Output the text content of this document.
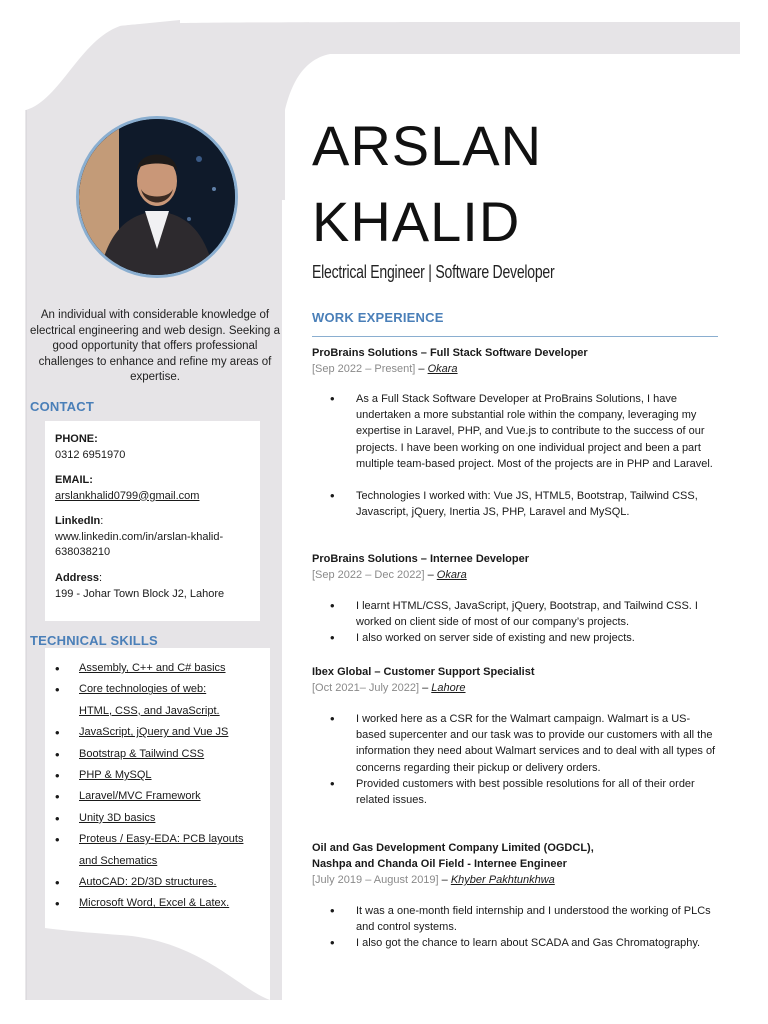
An individual with considerable knowledge of electrical engineering and web design. Seeking a good opportunity that offers professional challenges to enhance and refine my areas of expertise.
CONTACT
PHONE:
0312 6951970
EMAIL:
arslankhalid0799@gmail.com
LinkedIn:
www.linkedin.com/in/arslan-khalid-
638038210
Address:
199 - Johar Town Block J2, Lahore
TECHNICAL SKILLS
• Assembly, C++ and C# basics
• Core technologies of web:
HTML, CSS, and JavaScript.
• JavaScript, jQuery and Vue JS
• Bootstrap & Tailwind CSS
• PHP & MySQL
• Laravel/MVC Framework
• Unity 3D basics
• Proteus / Easy-EDA: PCB layouts
and Schematics
• AutoCAD: 2D/3D structures.
• Microsoft Word, Excel & Latex.
ARSLAN
KHALID
Electrical Engineer | Software Developer
WORK EXPERIENCE
ProBrains Solutions – Full Stack Software Developer
[Sep 2022 – Present] – Okara
• As a Full Stack Software Developer at ProBrains Solutions, I have undertaken a more substantial role within the company, leveraging my expertise in Laravel, PHP, and Vue.js to contribute to the success of our projects. I have been working on one individual project and been a part multiple team-based project. Most of the projects are in PHP and Laravel.
• Technologies I worked with: Vue JS, HTML5, Bootstrap, Tailwind CSS, Javascript, jQuery, Inertia JS, PHP, Laravel and MySQL.
ProBrains Solutions – Internee Developer
[Sep 2022 – Dec 2022] – Okara
• I learnt HTML/CSS, JavaScript, jQuery, Bootstrap, and Tailwind CSS. I worked on client side of most of our company’s projects.
• I also worked on server side of existing and new projects.
Ibex Global – Customer Support Specialist
[Oct 2021– July 2022] – Lahore
• I worked here as a CSR for the Walmart campaign. Walmart is a US-based supercenter and our task was to provide our customers with all the information they need about Walmart services and to deal with all types of concerns regarding their pickup or delivery orders.
• Provided customers with best possible resolutions for all of their order related issues.
Oil and Gas Development Company Limited (OGDCL),
Nashpa and Chanda Oil Field - Internee Engineer
[July 2019 – August 2019] – Khyber Pakhtunkhwa
• It was a one-month field internship and I understood the working of PLCs and control systems.
• I also got the chance to learn about SCADA and Gas Chromatography.
